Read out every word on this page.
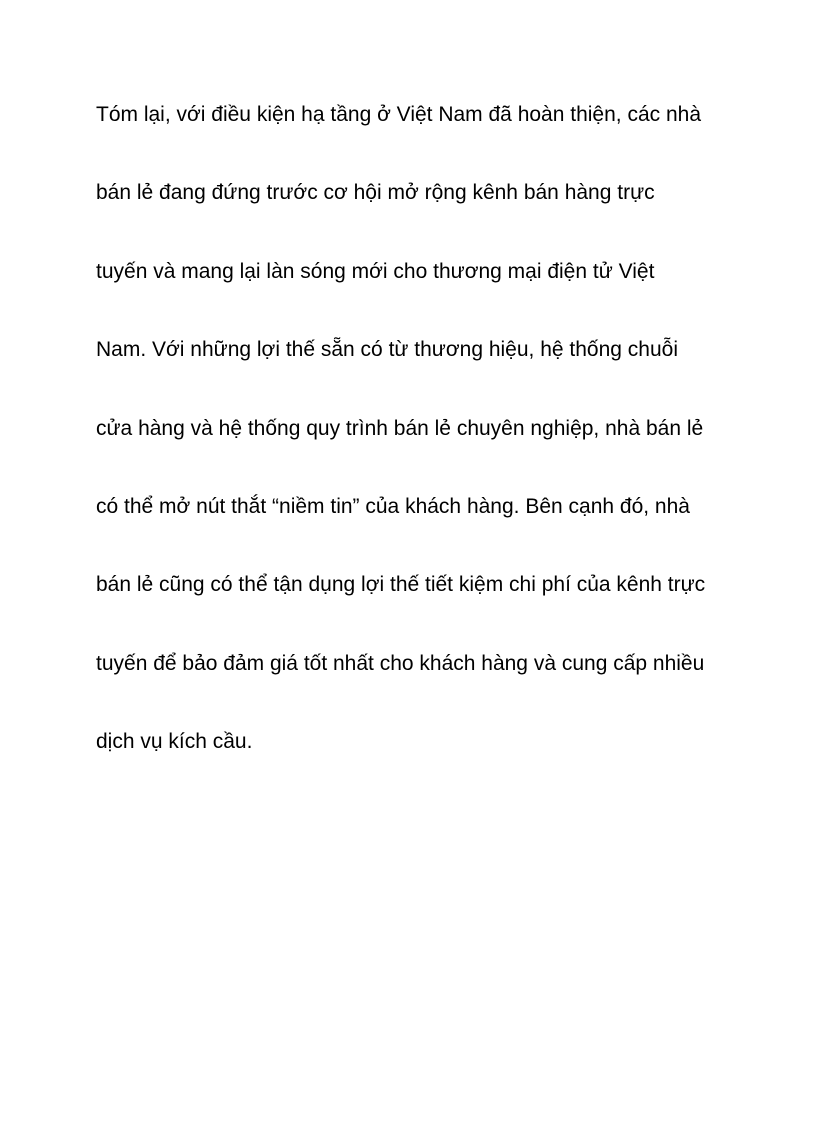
Tóm lại, với điều kiện hạ tầng ở Việt Nam đã hoàn thiện, các nhà
bán lẻ đang đứng trước cơ hội mở rộng kênh bán hàng trực
tuyến và mang lại làn sóng mới cho thương mại điện tử Việt
Nam. Với những lợi thế sẵn có từ thương hiệu, hệ thống chuỗi
cửa hàng và hệ thống quy trình bán lẻ chuyên nghiệp, nhà bán lẻ
có thể mở nút thắt “niềm tin” của khách hàng. Bên cạnh đó, nhà
bán lẻ cũng có thể tận dụng lợi thế tiết kiệm chi phí của kênh trực
tuyến để bảo đảm giá tốt nhất cho khách hàng và cung cấp nhiều
dịch vụ kích cầu.
